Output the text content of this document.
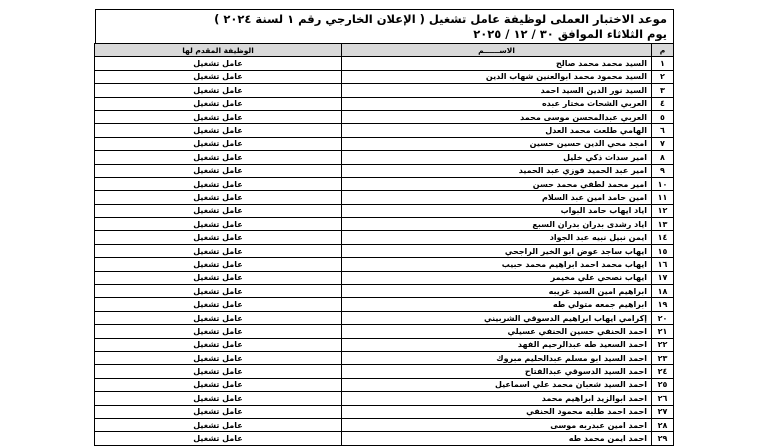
موعد الاختبار العملى لوظيفة عامل تشغيل ( الإعلان الخارجي رقم ١ لسنة ٢٠٢٤ )
يوم الثلاثاء الموافق ٣٠ / ١٢ / ٢٠٢٥
م	الاســــــم	الوظيفة المقدم لها
١	السيد محمد محمد صالح	عامل تشغيل
٢	السيد محمود محمد ابوالعنين شهاب الدين	عامل تشغيل
٣	السيد نور الدين السيد احمد	عامل تشغيل
٤	العربي الشحات مختار عبده	عامل تشغيل
٥	العربي عبدالمحسن موسى محمد	عامل تشغيل
٦	الهامي طلعت محمد العدل	عامل تشغيل
٧	امجد محي الدين حسين حسين	عامل تشغيل
٨	امير سدات ذكي خليل	عامل تشغيل
٩	امير عبد الحميد فوزي عبد الحميد	عامل تشغيل
١٠	امير محمد لطفي محمد حسن	عامل تشغيل
١١	امين حامد امين عبد السلام	عامل تشغيل
١٢	اياد ايهاب حامد البواب	عامل تشغيل
١٣	اياد رشدى بدران بدران السبع	عامل تشغيل
١٤	ايمن نبيل نبيه عبد الجواد	عامل تشغيل
١٥	ايهاب ساجد عوض ابو الخير الراجحي	عامل تشغيل
١٦	ايهاب محمد احمد ابراهيم محمد حبيب	عامل تشغيل
١٧	ايهاب نصحي علي مخيمر	عامل تشغيل
١٨	ابراهيم امين السيد غريبه	عامل تشغيل
١٩	ابراهيم جمعه متولي طه	عامل تشغيل
٢٠	إكرامي ايهاب ابراهيم الدسوقي الشربيني	عامل تشغيل
٢١	احمد الحنفي حسين الحنفي عسيلي	عامل تشغيل
٢٢	احمد السعيد طه عبدالرحيم الفهد	عامل تشغيل
٢٣	احمد السيد ابو مسلم عبدالحليم مبروك	عامل تشغيل
٢٤	احمد السيد الدسوقي عبدالفتاح	عامل تشغيل
٢٥	احمد السيد شعبان محمد علي اسماعيل	عامل تشغيل
٢٦	احمد ابوالزيد ابراهيم محمد	عامل تشغيل
٢٧	احمد احمد طلبه محمود الحنفي	عامل تشغيل
٢٨	احمد امين عبدربه موسى	عامل تشغيل
٢٩	احمد ايمن محمد طه	عامل تشغيل
